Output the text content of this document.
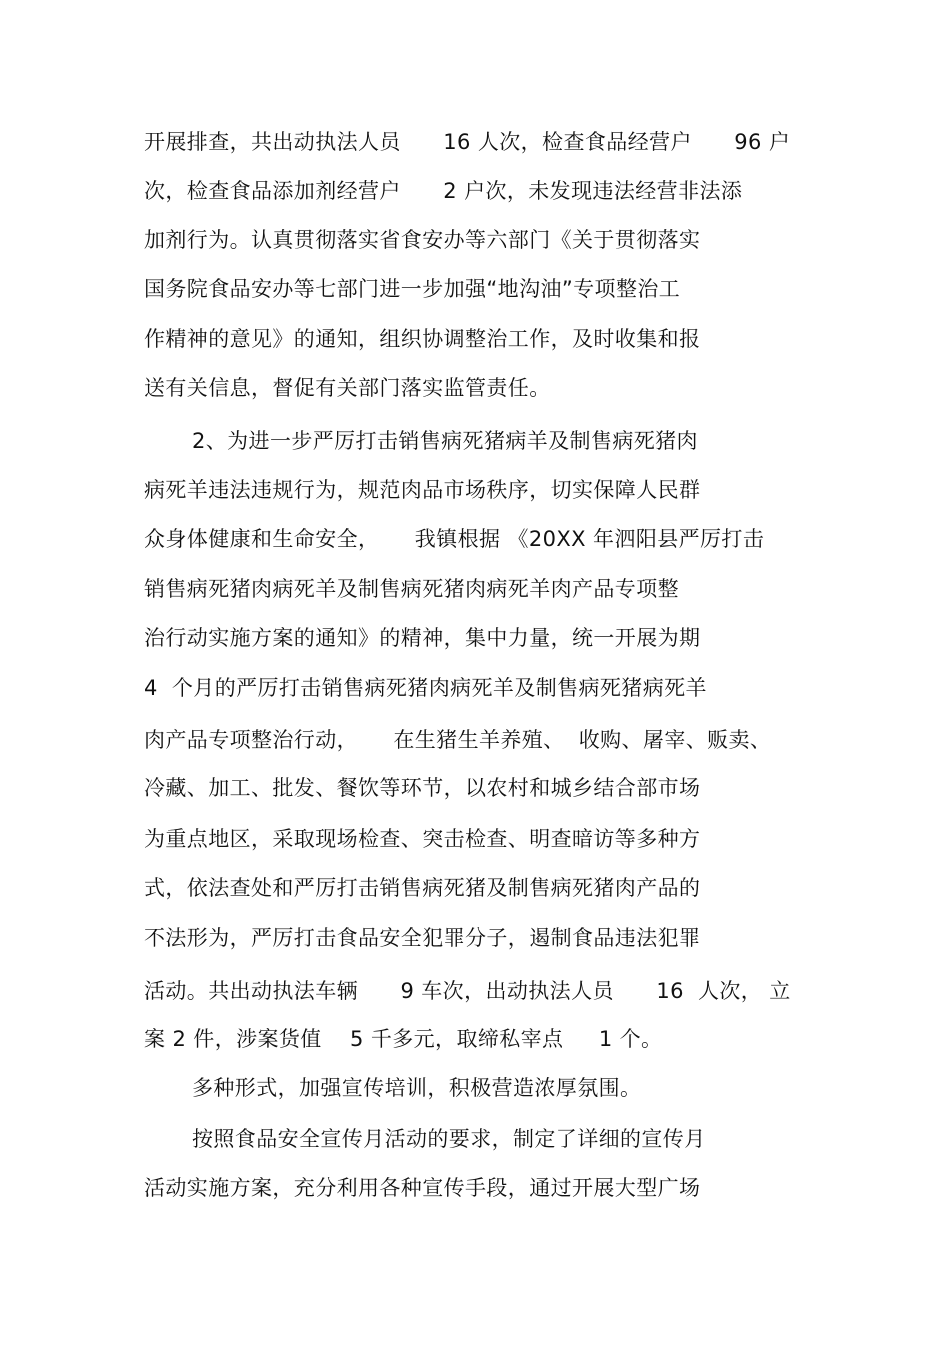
开展排查，共出动执法人员      16 人次，检查食品经营户      96 户
次，检查食品添加剂经营户      2 户次，未发现违法经营非法添
加剂行为。认真贯彻落实省食安办等六部门《关于贯彻落实
国务院食品安办等七部门进一步加强“地沟油”专项整治工
作精神的意见》的通知，组织协调整治工作，及时收集和报
送有关信息，督促有关部门落实监管责任。
2、为进一步严厉打击销售病死猪病羊及制售病死猪肉
病死羊违法违规行为，规范肉品市场秩序，切实保障人民群
众身体健康和生命安全，     我镇根据 《20XX 年泗阳县严厉打击
销售病死猪肉病死羊及制售病死猪肉病死羊肉产品专项整
治行动实施方案的通知》的精神，集中力量，统一开展为期
4  个月的严厉打击销售病死猪肉病死羊及制售病死猪病死羊
肉产品专项整治行动，     在生猪生羊养殖、  收购、屠宰、贩卖、
冷藏、加工、批发、餐饮等环节，以农村和城乡结合部市场
为重点地区，采取现场检查、突击检查、明查暗访等多种方
式，依法查处和严厉打击销售病死猪及制售病死猪肉产品的
不法形为，严厉打击食品安全犯罪分子，遏制食品违法犯罪
活动。共出动执法车辆      9 车次，出动执法人员      16  人次， 立
案 2 件，涉案货值    5 千多元，取缔私宰点     1 个。
多种形式，加强宣传培训，积极营造浓厚氛围。
按照食品安全宣传月活动的要求，制定了详细的宣传月
活动实施方案，充分利用各种宣传手段，通过开展大型广场
